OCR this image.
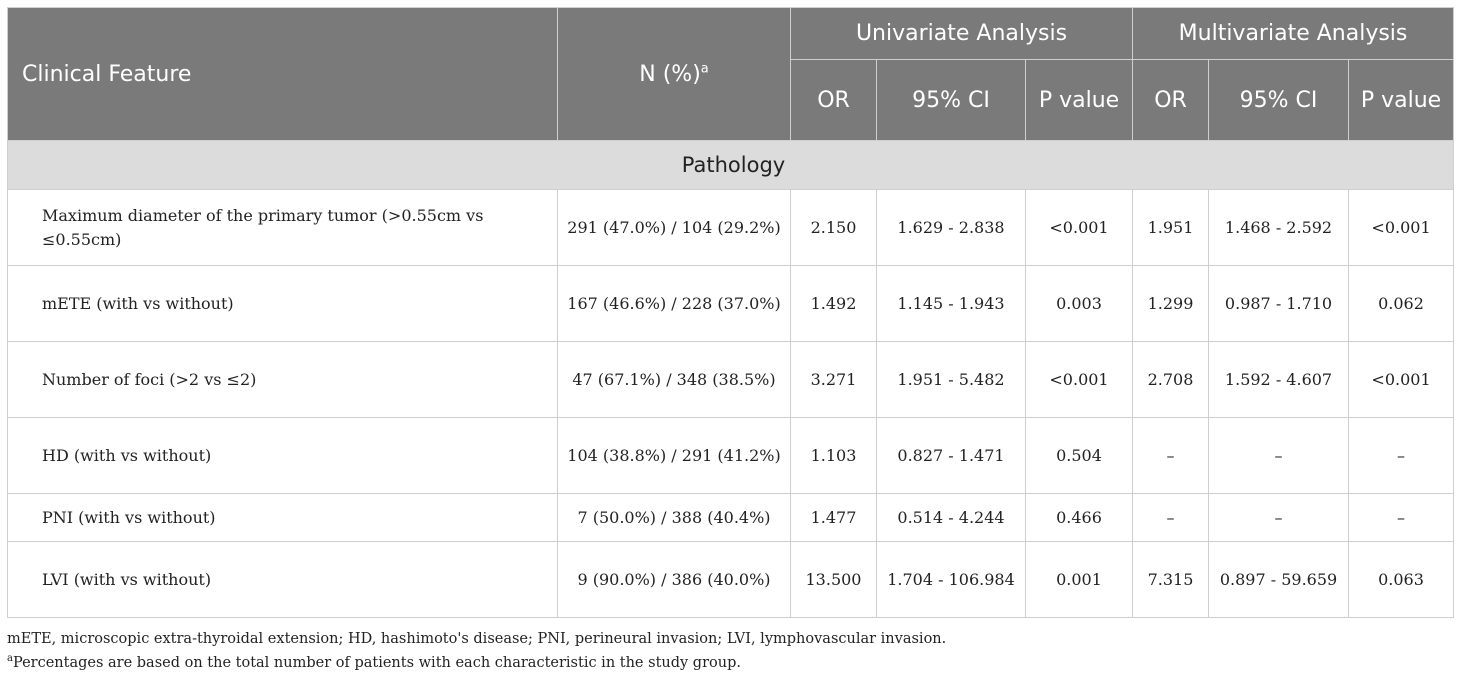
Clinical Feature	N (%)$^a$	Univariate Analysis			Multivariate Analysis		
		OR	95% CI	P value	OR	95% CI	P value
Pathology							
Maximum diameter of the primary tumor (>0.55cm vs ≤0.55cm)	291 (47.0%) / 104 (29.2%)	2.150	1.629 - 2.838	<0.001	1.951	1.468 - 2.592	<0.001
mETE (with vs without)	167 (46.6%) / 228 (37.0%)	1.492	1.145 - 1.943	0.003	1.299	0.987 - 1.710	0.062
Number of foci (>2 vs ≤2)	47 (67.1%) / 348 (38.5%)	3.271	1.951 - 5.482	<0.001	2.708	1.592 - 4.607	<0.001
HD (with vs without)	104 (38.8%) / 291 (41.2%)	1.103	0.827 - 1.471	0.504	–	–	–
PNI (with vs without)	7 (50.0%) / 388 (40.4%)	1.477	0.514 - 4.244	0.466	–	–	–
LVI (with vs without)	9 (90.0%) / 386 (40.0%)	13.500	1.704 - 106.984	0.001	7.315	0.897 - 59.659	0.063
mETE, microscopic extra-thyroidal extension; HD, hashimoto's disease; PNI, perineural invasion; LVI, lymphovascular invasion.
$^a$Percentages are based on the total number of patients with each characteristic in the study group.
